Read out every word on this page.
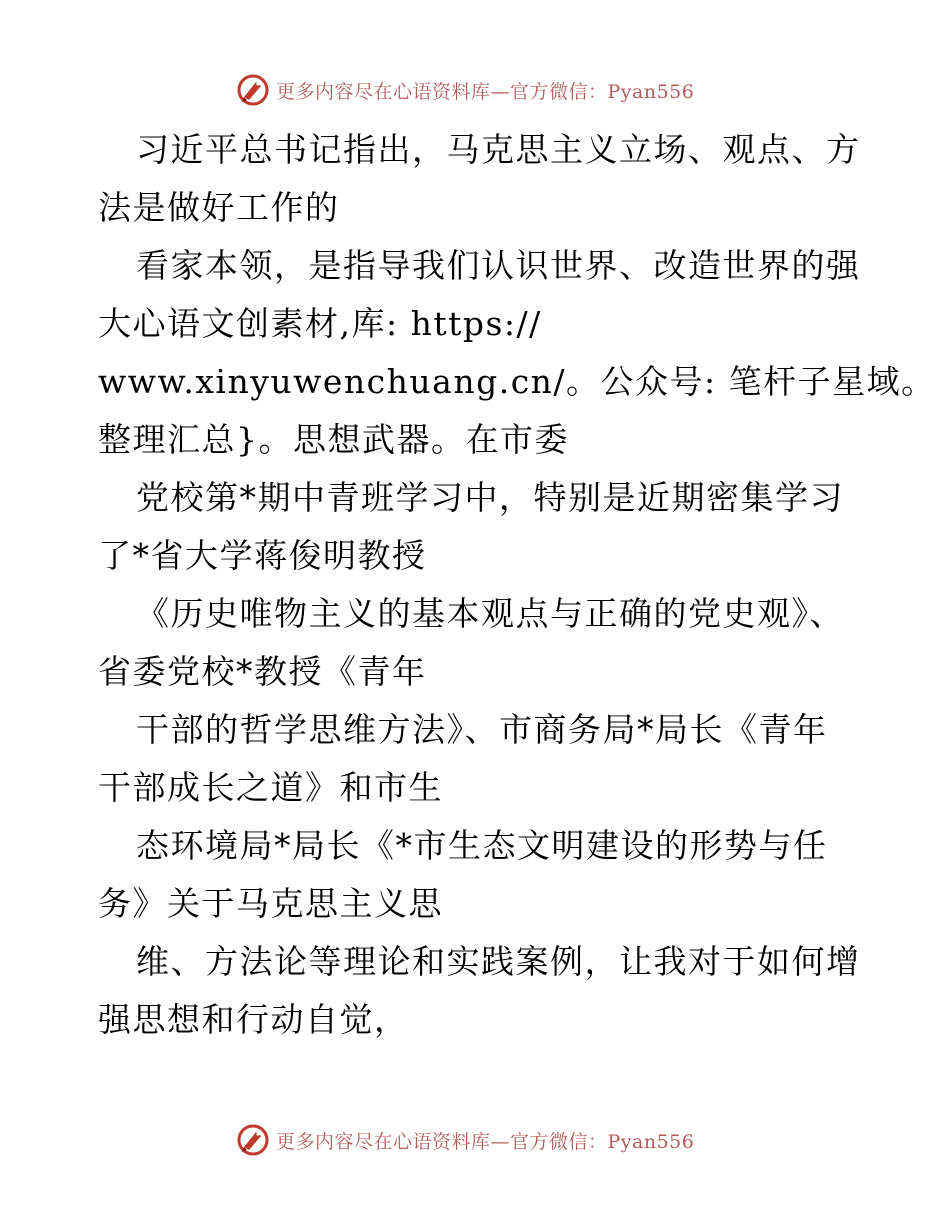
更多内容尽在心语资料库—官方微信：Pyan556
习近平总书记指出，马克思主义立场、观点、方
法是做好工作的
看家本领，是指导我们认识世界、改造世界的强
大心语文创素材,库: https://
www.xinyuwenchuang.cn/。公众号: 笔杆子星域。
整理汇总}。思想武器。在市委
党校第*期中青班学习中，特别是近期密集学习
了*省大学蒋俊明教授
《历史唯物主义的基本观点与正确的党史观》、
省委党校*教授《青年
干部的哲学思维方法》、市商务局*局长《青年
干部成长之道》和市生
态环境局*局长《*市生态文明建设的形势与任
务》关于马克思主义思
维、方法论等理论和实践案例，让我对于如何增
强思想和行动自觉，
更多内容尽在心语资料库—官方微信：Pyan556
